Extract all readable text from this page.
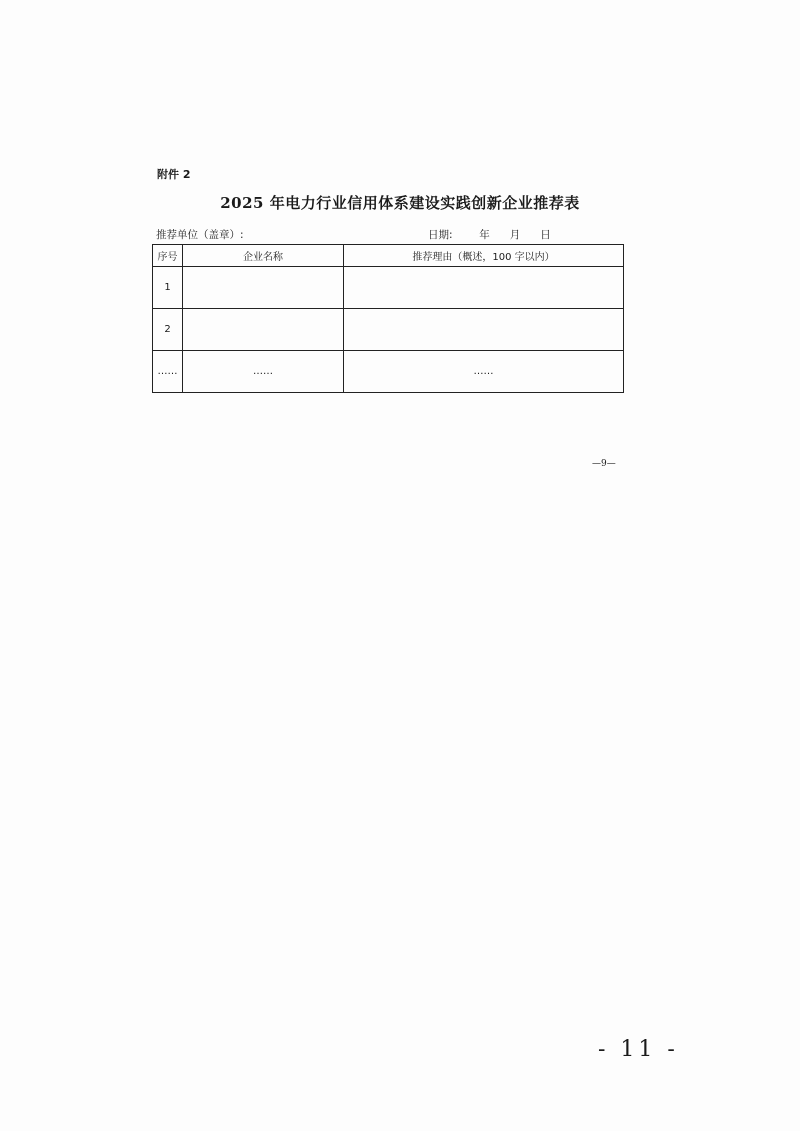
附件 2
2025 年电力行业信用体系建设实践创新企业推荐表
推荐单位（盖章）:	日期:        年      月      日
序号	企业名称	推荐理由（概述，100 字以内）
1		
2		
……	……	……
—9—
- 11 -
